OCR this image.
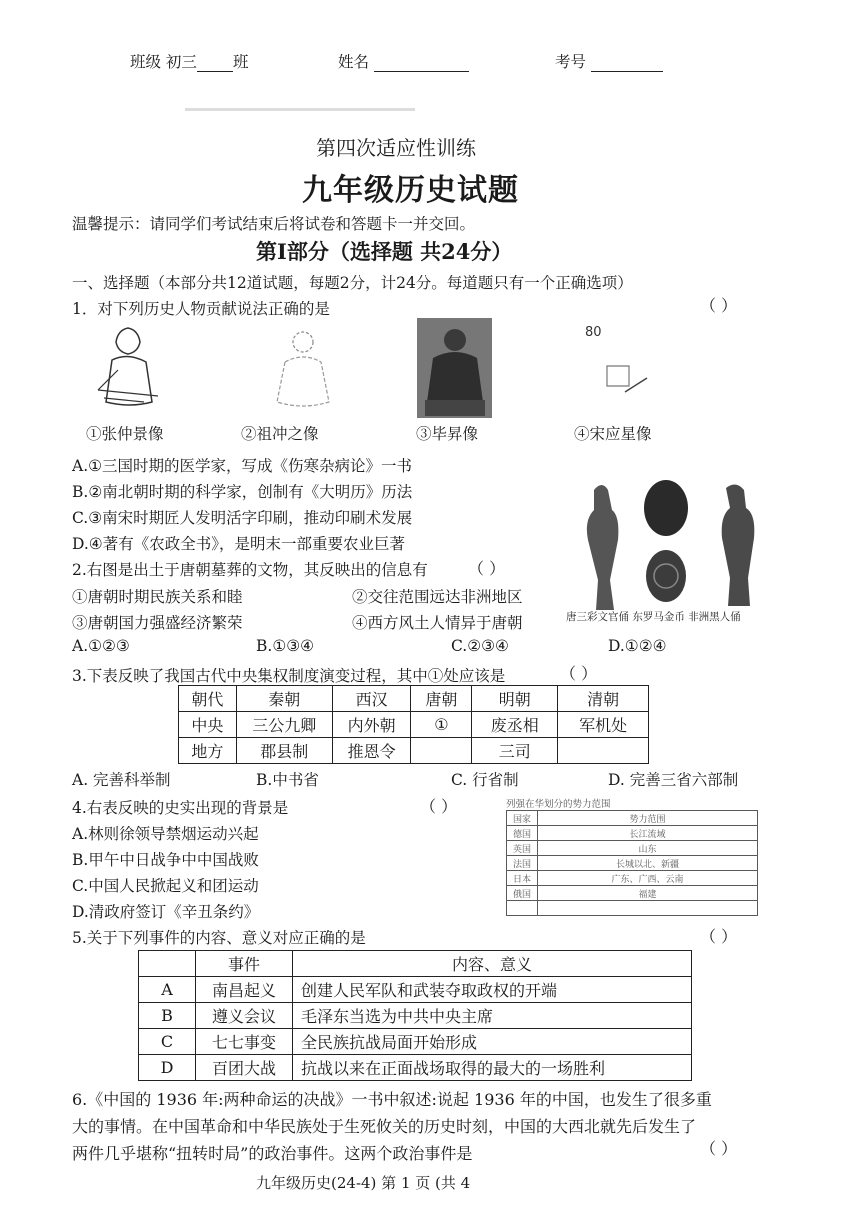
班级 初三 班	姓名	考号
第四次适应性训练
九年级历史试题
温馨提示：请同学们考试结束后将试卷和答题卡一并交回。
第Ⅰ部分（选择题 共24分）
一、选择题（本部分共12道试题，每题2分，计24分。每道题只有一个正确选项）
1．对下列历史人物贡献说法正确的是	（ ）
80
①张仲景像	②祖冲之像	③毕昇像	④宋应星像
A.①三国时期的医学家，写成《伤寒杂病论》一书
B.②南北朝时期的科学家，创制有《大明历》历法
C.③南宋时期匠人发明活字印刷，推动印刷术发展
D.④著有《农政全书》，是明末一部重要农业巨著
唐三彩文官俑 东罗马金币 非洲黑人俑
2.右图是出土于唐朝墓葬的文物，其反映出的信息有	（ ）
①唐朝时期民族关系和睦	②交往范围远达非洲地区
③唐朝国力强盛经济繁荣	④西方风土人情异于唐朝
A.①②③	B.①③④	C.②③④	D.①②④
3.下表反映了我国古代中央集权制度演变过程，其中①处应该是	（ ）
朝代	秦朝	西汉	唐朝	明朝	清朝
中央	三公九卿	内外朝	①	废丞相	军机处
地方	郡县制	推恩令		三司	
A. 完善科举制	B.中书省	C. 行省制	D. 完善三省六部制
4.右表反映的史实出现的背景是	（ ）
A.林则徐领导禁烟运动兴起
B.甲午中日战争中中国战败
C.中国人民掀起义和团运动
D.清政府签订《辛丑条约》
列强在华划分的势力范围
国家	势力范围
德国	长江流域
英国	山东
法国	长城以北、新疆
日本	广东、广西、云南
俄国	福建

5.关于下列事件的内容、意义对应正确的是	（ ）
	事件	内容、意义
A	南昌起义	创建人民军队和武装夺取政权的开端
B	遵义会议	毛泽东当选为中共中央主席
C	七七事变	全民族抗战局面开始形成
D	百团大战	抗战以来在正面战场取得的最大的一场胜利
6.《中国的 1936 年:两种命运的决战》一书中叙述:说起 1936 年的中国，也发生了很多重
大的事情。在中国革命和中华民族处于生死攸关的历史时刻，中国的大西北就先后发生了
两件几乎堪称“扭转时局”的政治事件。这两个政治事件是	（ ）
九年级历史(24-4) 第 1 页 (共 4
